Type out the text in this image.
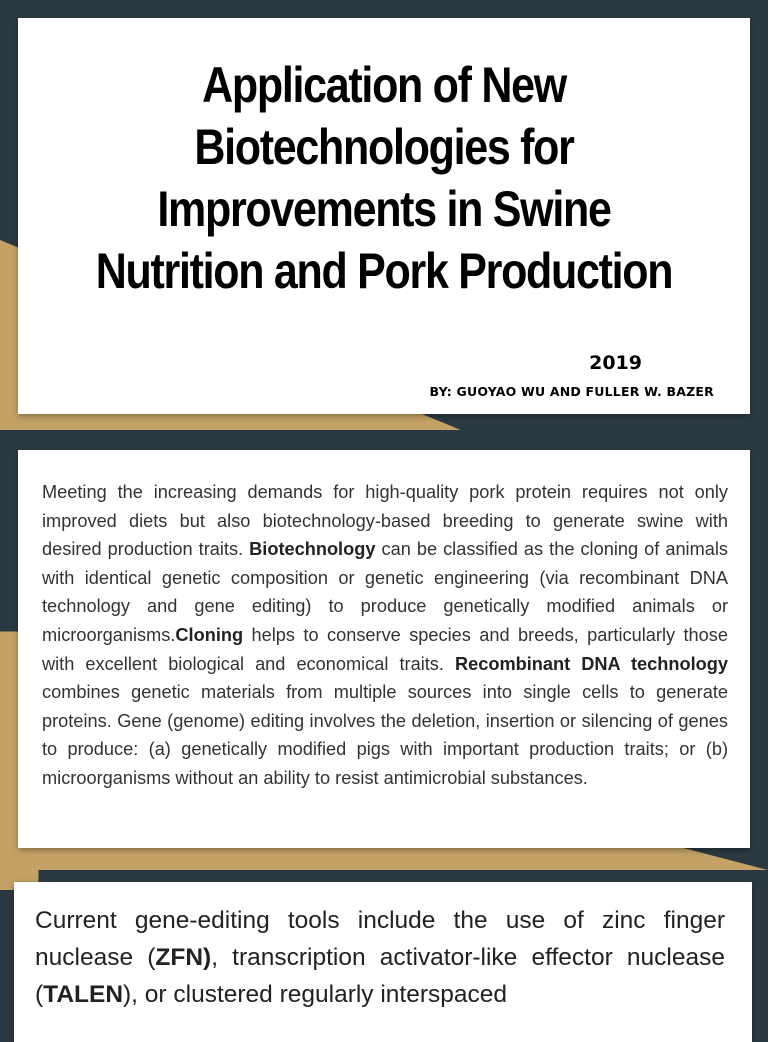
Application of New Biotechnologies for Improvements in Swine Nutrition and Pork Production
2019
BY: GUOYAO WU AND FULLER W. BAZER

Meeting the increasing demands for high-quality pork protein requires not only improved diets but also biotechnology-based breeding to generate swine with desired production traits. Biotechnology can be classified as the cloning of animals with identical genetic composition or genetic engineering (via recombinant DNA technology and gene editing) to produce genetically modified animals or microorganisms.Cloning helps to conserve species and breeds, particularly those with excellent biological and economical traits. Recombinant DNA technology combines genetic materials from multiple sources into single cells to generate proteins. Gene (genome) editing involves the deletion, insertion or silencing of genes to produce: (a) genetically modified pigs with important production traits; or (b) microorganisms without an ability to resist antimicrobial substances.

Current gene-editing tools include the use of zinc finger nuclease (ZFN), transcription activator-like effector nuclease (TALEN), or clustered regularly interspaced
